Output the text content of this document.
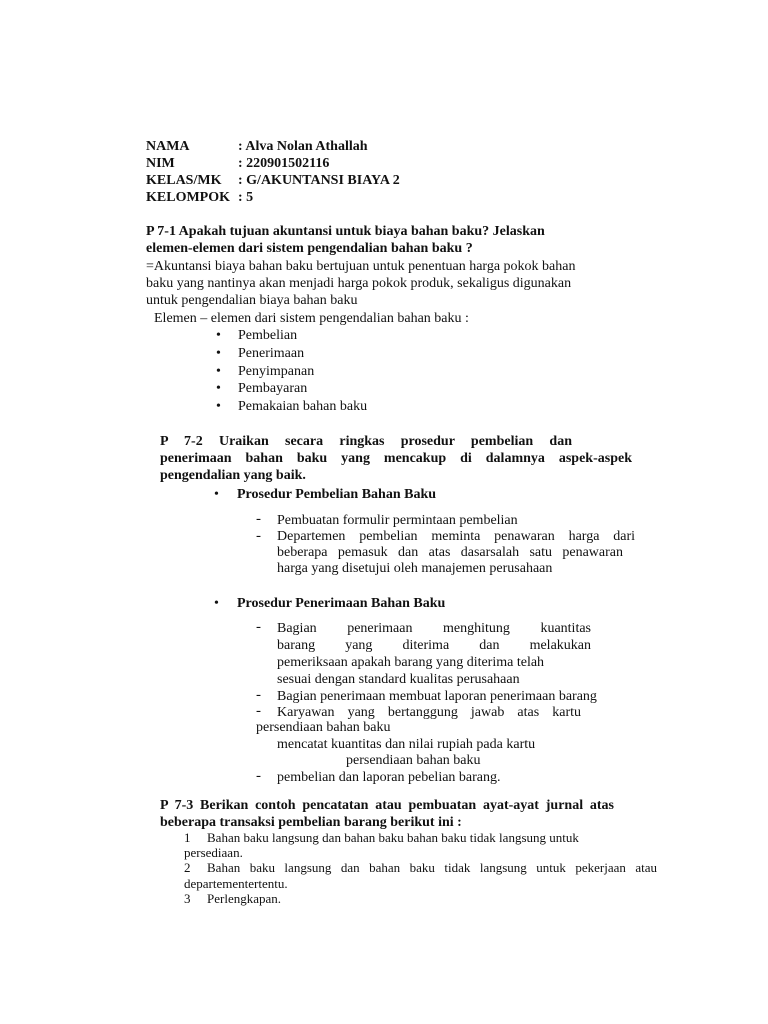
NAMA	: Alva Nolan Athallah
NIM	: 220901502116
KELAS/MK : G/AKUNTANSI BIAYA 2
KELOMPOK : 5
P 7-1 Apakah tujuan akuntansi untuk biaya bahan baku? Jelaskan
elemen-elemen dari sistem pengendalian bahan baku ?
=Akuntansi biaya bahan baku bertujuan untuk penentuan harga pokok bahan
baku yang nantinya akan menjadi harga pokok produk, sekaligus digunakan
untuk pengendalian biaya bahan baku
Elemen – elemen dari sistem pengendalian bahan baku :
• Pembelian
• Penerimaan
• Penyimpanan
• Pembayaran
• Pemakaian bahan baku
P 7-2 Uraikan secara ringkas prosedur pembelian dan
penerimaan bahan baku yang mencakup di dalamnya aspek-aspek
pengendalian yang baik.
• Prosedur Pembelian Bahan Baku
- Pembuatan formulir permintaan pembelian
- Departemen pembelian meminta penawaran harga dari
beberapa pemasuk dan atas dasarsalah satu penawaran
harga yang disetujui oleh manajemen perusahaan
• Prosedur Penerimaan Bahan Baku
- Bagian penerimaan menghitung kuantitas
barang yang diterima dan melakukan
pemeriksaan apakah barang yang diterima telah
sesuai dengan standard kualitas perusahaan
- Bagian penerimaan membuat laporan penerimaan barang
- Karyawan yang bertanggung jawab atas kartu
persendiaan bahan baku
mencatat kuantitas dan nilai rupiah pada kartu
persendiaan bahan baku
- pembelian dan laporan pebelian barang.
P 7-3 Berikan contoh pencatatan atau pembuatan ayat-ayat jurnal atas
beberapa transaksi pembelian barang berikut ini :
1 Bahan baku langsung dan bahan baku bahan baku tidak langsung untuk
persediaan.
2 Bahan baku langsung dan bahan baku tidak langsung untuk pekerjaan atau
departementertentu.
3 Perlengkapan.
